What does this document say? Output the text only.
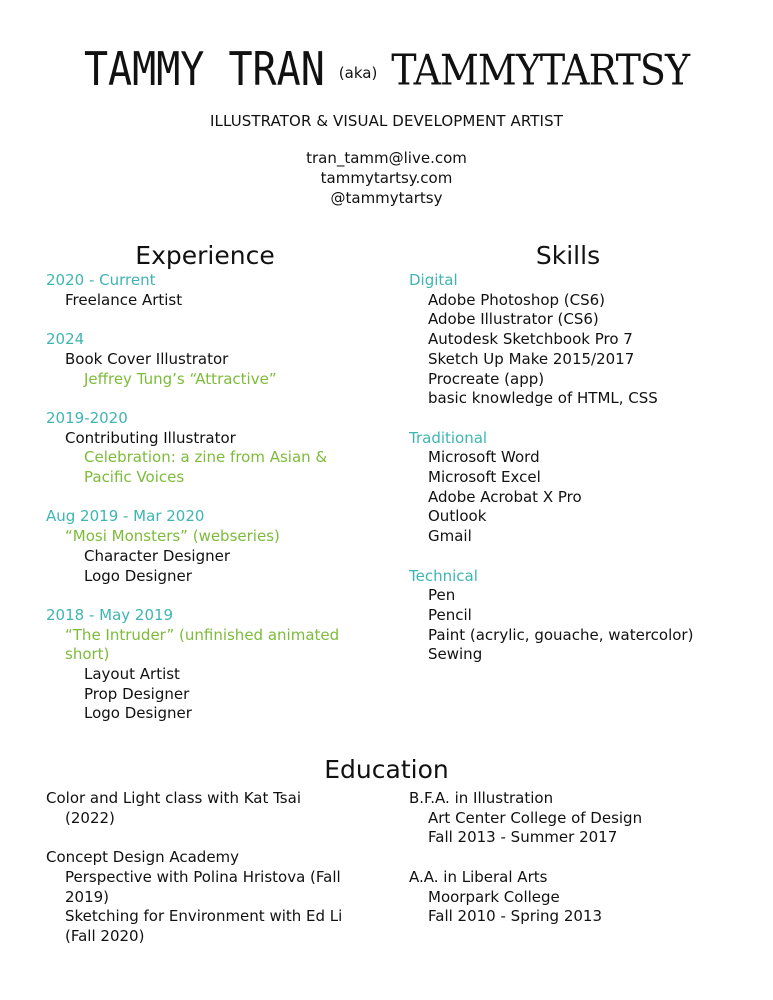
TAMMY TRAN (aka) TAMMYTARTSY
ILLUSTRATOR & VISUAL DEVELOPMENT ARTIST
tran_tamm@live.com
tammytartsy.com
@tammytartsy
Experience
2020 - Current
Freelance Artist
2024
Book Cover Illustrator
Jeffrey Tung’s “Attractive”
2019-2020
Contributing Illustrator
Celebration: a zine from Asian & Pacific Voices
Aug 2019 - Mar 2020
“Mosi Monsters” (webseries)
Character Designer
Logo Designer
2018 - May 2019
“The Intruder” (unfinished animated short)
Layout Artist
Prop Designer
Logo Designer
Skills
Digital
Adobe Photoshop (CS6)
Adobe Illustrator (CS6)
Autodesk Sketchbook Pro 7
Sketch Up Make 2015/2017
Procreate (app)
basic knowledge of HTML, CSS
Traditional
Microsoft Word
Microsoft Excel
Adobe Acrobat X Pro
Outlook
Gmail
Technical
Pen
Pencil
Paint (acrylic, gouache, watercolor)
Sewing
Education
Color and Light class with Kat Tsai
(2022)
Concept Design Academy
Perspective with Polina Hristova (Fall 2019)
Sketching for Environment with Ed Li (Fall 2020)
B.F.A. in Illustration
Art Center College of Design
Fall 2013 - Summer 2017
A.A. in Liberal Arts
Moorpark College
Fall 2010 - Spring 2013
